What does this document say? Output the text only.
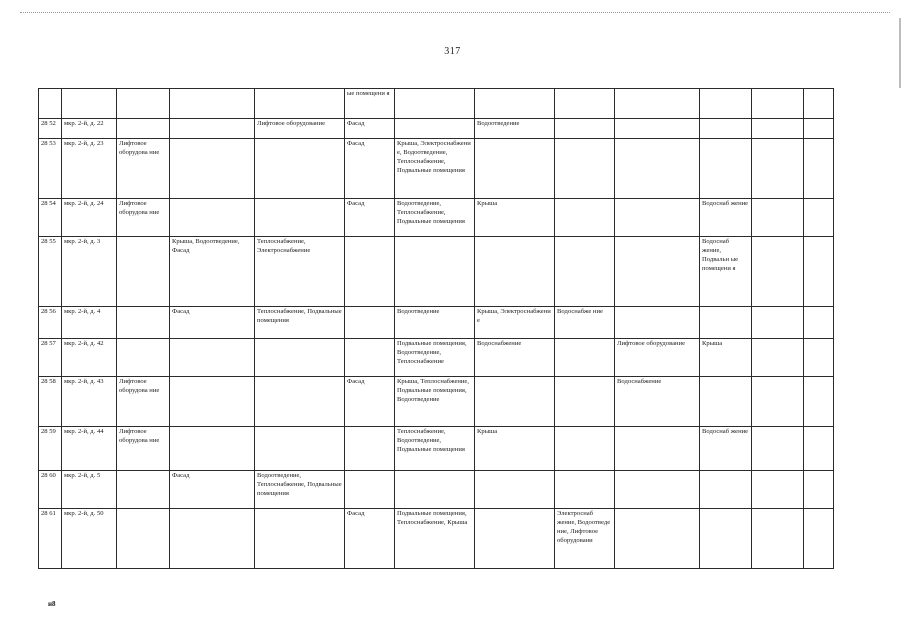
317
					ые помещени я							
28 52	мкр. 2-й, д. 22			Лифтовое оборудование	Фасад		Водоотведение					
28 53	мкр. 2-й, д. 23	Лифтовое оборудова ние			Фасад	Крыша, Электроснабжени е, Водоотведение, Теплоснабжение, Подвальные помещения						
28 54	мкр. 2-й, д. 24	Лифтовое оборудова ние			Фасад	Водоотведение, Теплоснабжение, Подвальные помещения	Крыша			Водоснаб жение		
28 55	мкр. 2-й, д. 3		Крыша, Водоотведение, Фасад	Теплоснабжение, Электроснабжение						Водоснаб жение, Подвальн ые помещени я		
28 56	мкр. 2-й, д. 4		Фасад	Теплоснабжение, Подвальные помещения		Водоотведение	Крыша, Электроснабжени е	Водоснабже ние				
28 57	мкр. 2-й, д. 42					Подвальные помещения, Водоотведение, Теплоснабжение	Водоснабжение		Лифтовое оборудование	Крыша		
28 58	мкр. 2-й, д. 43	Лифтовое оборудова ние			Фасад	Крыша, Теплоснабжение, Подвальные помещения, Водоотведение			Водоснабжение			
28 59	мкр. 2-й, д. 44	Лифтовое оборудова ние				Теплоснабжение, Водоотведение, Подвальные помещения	Крыша			Водоснаб жение		
28 60	мкр. 2-й, д. 5		Фасад	Водоотведение, Теплоснабжение, Подвальные помещения								
28 61	мкр. 2-й, д. 50				Фасад	Подвальные помещения, Теплоснабжение, Крыша		Электроснаб жение, Водоотведе ние, Лифтовое оборудовани				
н8
